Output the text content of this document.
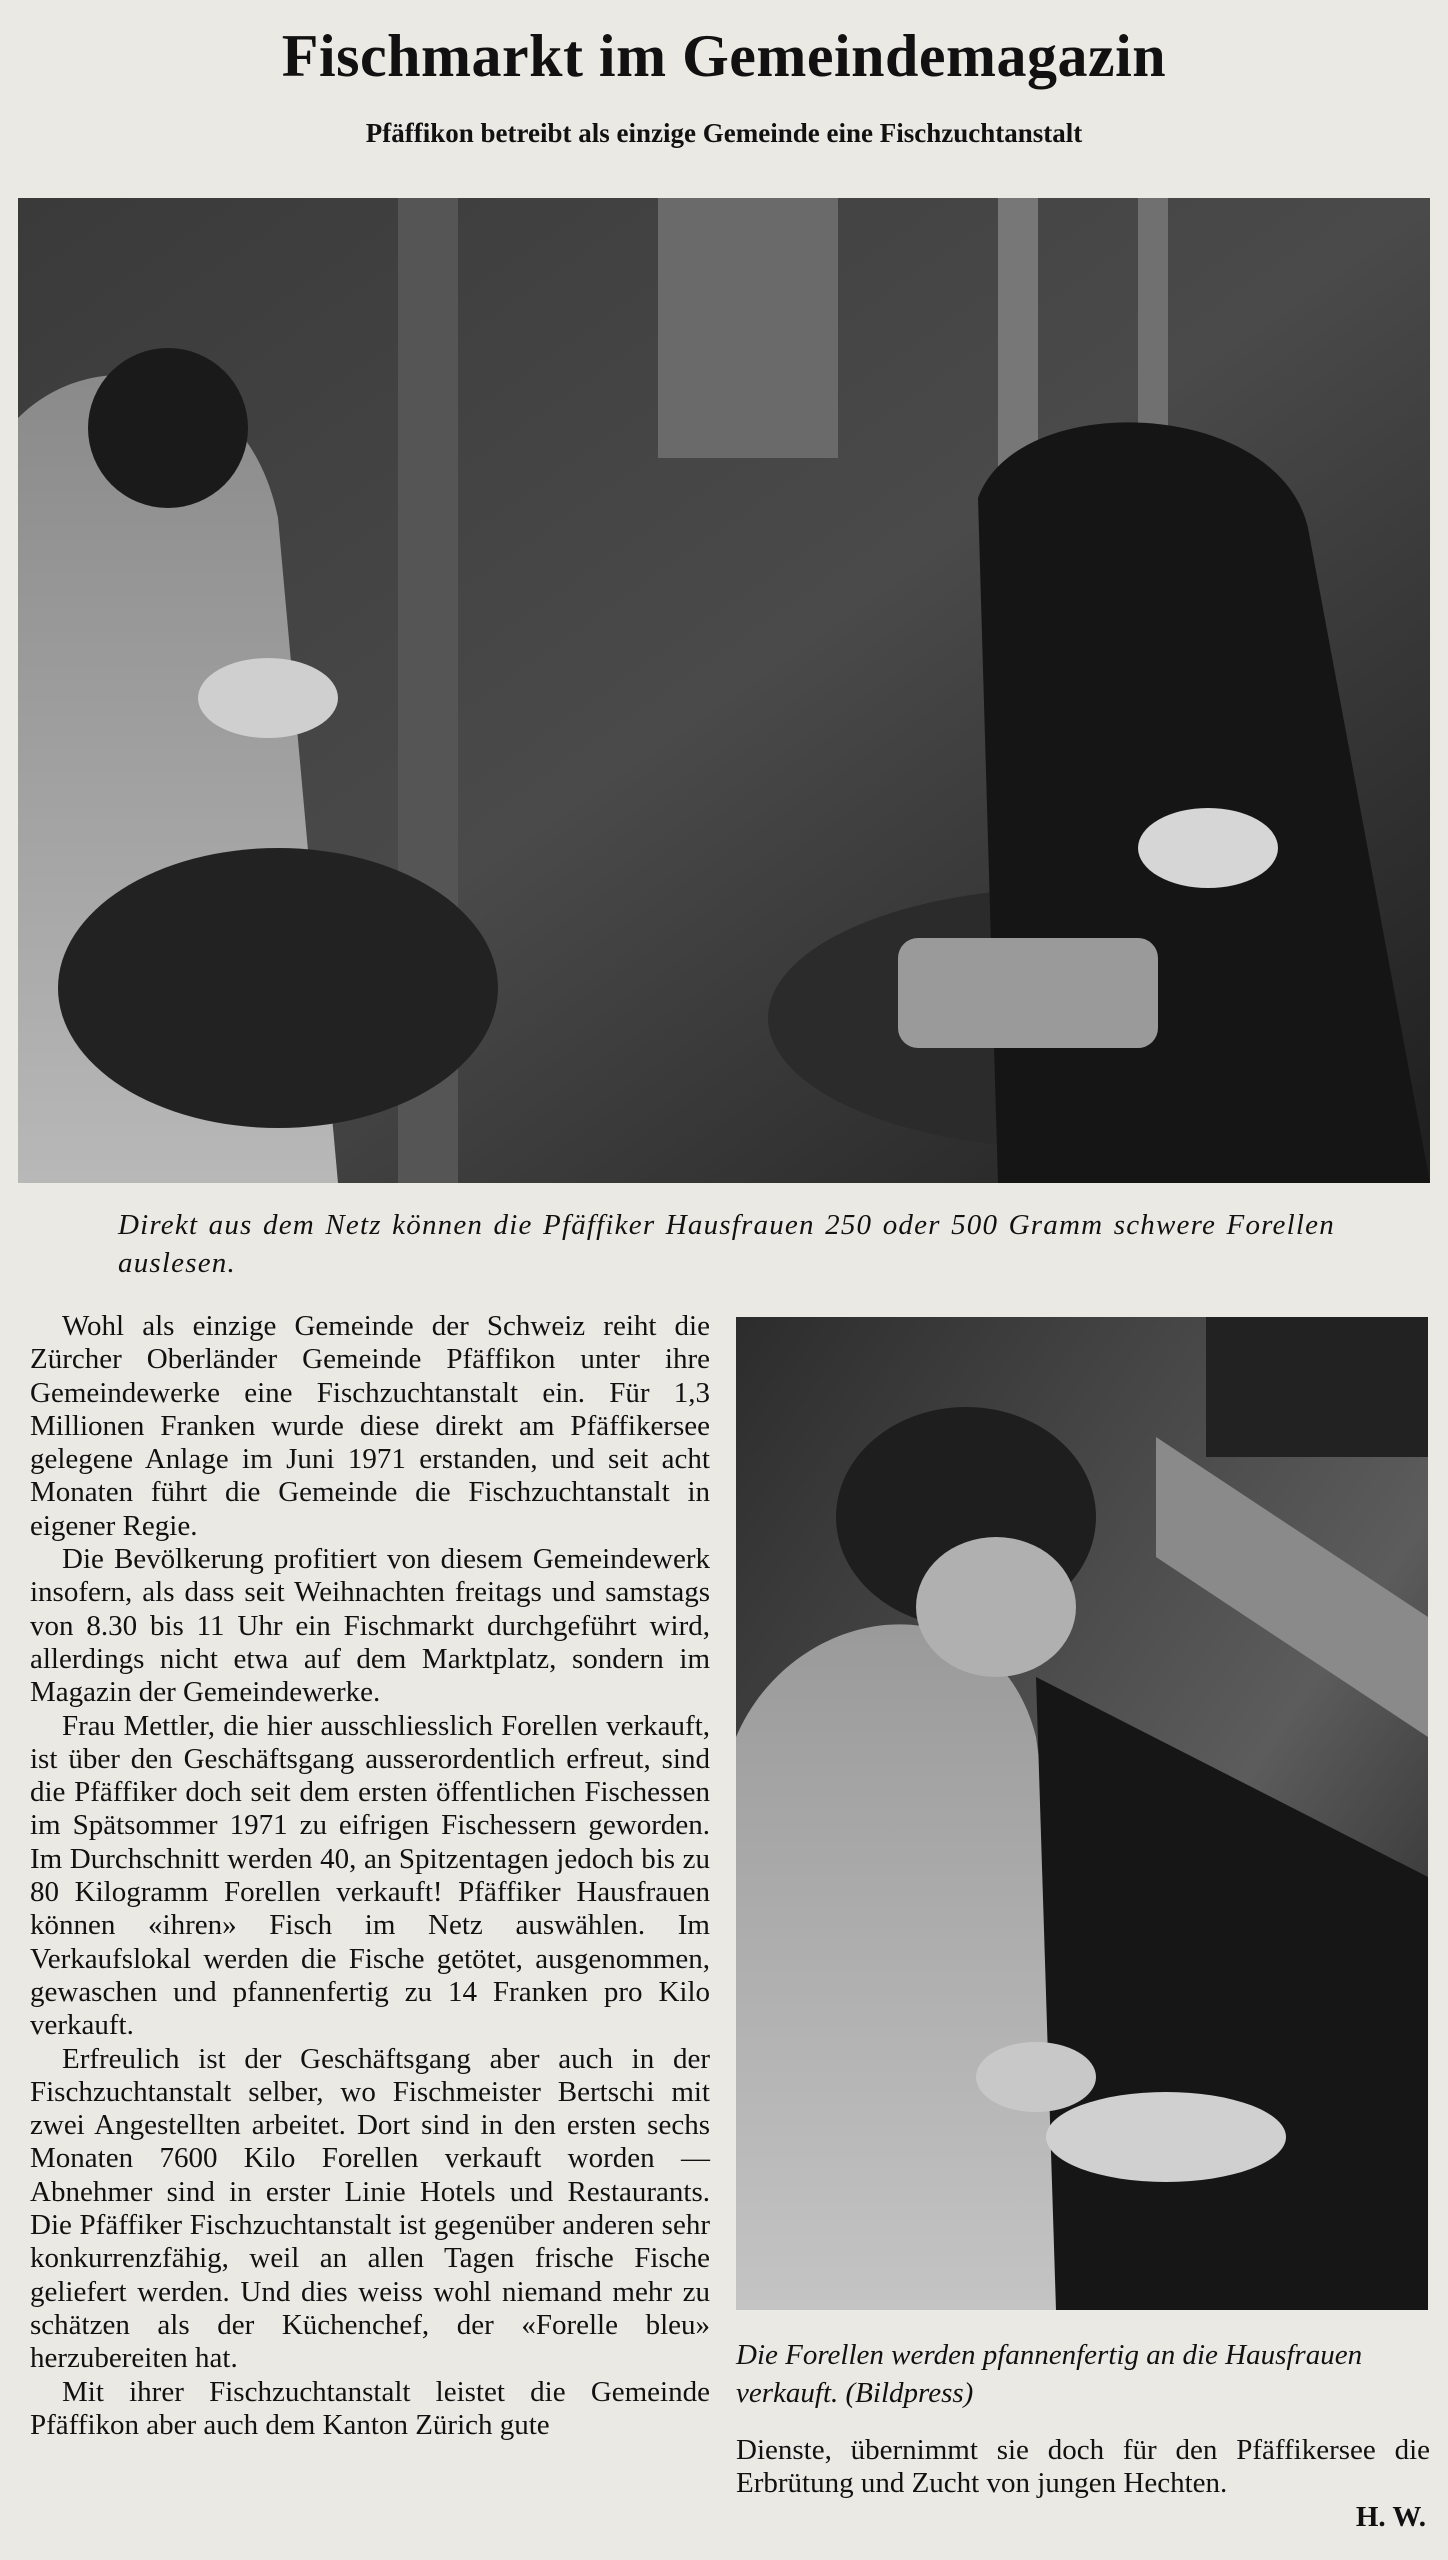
Fischmarkt im Gemeindemagazin
Pfäffikon betreibt als einzige Gemeinde eine Fischzuchtanstalt

Direkt aus dem Netz können die Pfäffiker Hausfrauen 250 oder 500 Gramm schwere Forellen auslesen.

Wohl als einzige Gemeinde der Schweiz reiht die Zürcher Oberländer Gemeinde Pfäffikon unter ihre Gemeindewerke eine Fischzuchtanstalt ein. Für 1,3 Millionen Franken wurde diese direkt am Pfäffikersee gelegene Anlage im Juni 1971 erstanden, und seit acht Monaten führt die Gemeinde die Fischzuchtanstalt in eigener Regie.

Die Bevölkerung profitiert von diesem Gemeindewerk insofern, als dass seit Weihnachten freitags und samstags von 8.30 bis 11 Uhr ein Fischmarkt durchgeführt wird, allerdings nicht etwa auf dem Marktplatz, sondern im Magazin der Gemeindewerke.

Frau Mettler, die hier ausschliesslich Forellen verkauft, ist über den Geschäftsgang ausserordentlich erfreut, sind die Pfäffiker doch seit dem ersten öffentlichen Fischessen im Spätsommer 1971 zu eifrigen Fischessern geworden. Im Durchschnitt werden 40, an Spitzentagen jedoch bis zu 80 Kilogramm Forellen verkauft! Pfäffiker Hausfrauen können «ihren» Fisch im Netz auswählen. Im Verkaufslokal werden die Fische getötet, ausgenommen, gewaschen und pfannenfertig zu 14 Franken pro Kilo verkauft.

Erfreulich ist der Geschäftsgang aber auch in der Fischzuchtanstalt selber, wo Fischmeister Bertschi mit zwei Angestellten arbeitet. Dort sind in den ersten sechs Monaten 7600 Kilo Forellen verkauft worden — Abnehmer sind in erster Linie Hotels und Restaurants. Die Pfäffiker Fischzuchtanstalt ist gegenüber anderen sehr konkurrenzfähig, weil an allen Tagen frische Fische geliefert werden. Und dies weiss wohl niemand mehr zu schätzen als der Küchenchef, der «Forelle bleu» herzubereiten hat.

Mit ihrer Fischzuchtanstalt leistet die Gemeinde Pfäffikon aber auch dem Kanton Zürich gute

Die Forellen werden pfannenfertig an die Hausfrauen verkauft. (Bildpress)

Dienste, übernimmt sie doch für den Pfäffikersee die Erbrütung und Zucht von jungen Hechten.

H. W.
